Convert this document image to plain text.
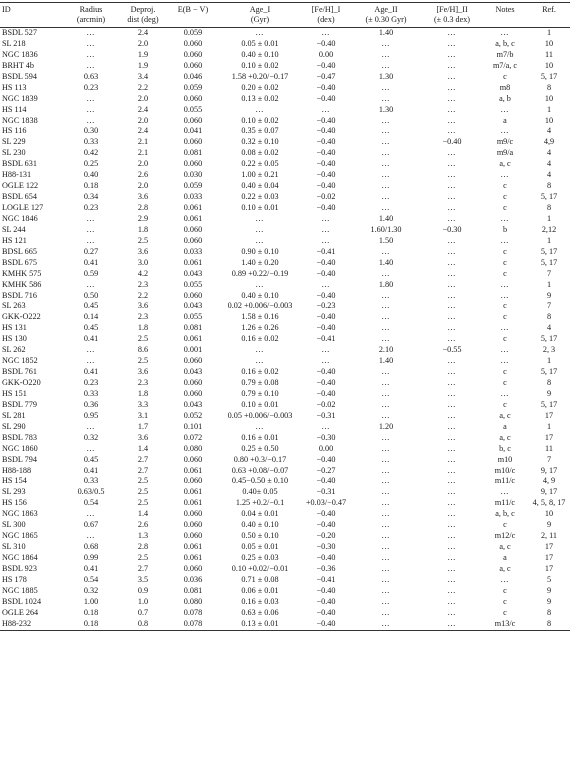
ID	Radius	Deproj.	E(B − V)	Age_I	[Fe/H]_I	Age_II	[Fe/H]_II	Notes	Ref.
	(arcmin)	dist (deg)		(Gyr)	(dex)	(± 0.30 Gyr)	(± 0.3 dex)		
BSDL 527	…	2.4	0.059	…	…	1.40	…	…	1
SL 218	…	2.0	0.060	0.05 ± 0.01	−0.40	…	…	a, b, c	10
NGC 1836	…	1.9	0.060	0.40 ± 0.10	0.00	…	…	m7/b	11
BRHT 4b	…	1.9	0.060	0.10 ± 0.02	−0.40	…	…	m7/a, c	10
BSDL 594	0.63	3.4	0.046	1.58 +0.20/−0.17	−0.47	1.30	…	c	5, 17
HS 113	0.23	2.2	0.059	0.20 ± 0.02	−0.40	…	…	m8	8
NGC 1839	…	2.0	0.060	0.13 ± 0.02	−0.40	…	…	a, b	10
HS 114	…	2.4	0.055	…	…	1.30	…	…	1
NGC 1838	…	2.0	0.060	0.10 ± 0.02	−0.40	…	…	a	10
HS 116	0.30	2.4	0.041	0.35 ± 0.07	−0.40	…	…	…	4
SL 229	0.33	2.1	0.060	0.32 ± 0.10	−0.40	…	−0.40	m9/c	4,9
SL 230	0.42	2.1	0.081	0.08 ± 0.02	−0.40	…	…	m9/a	4
BSDL 631	0.25	2.0	0.060	0.22 ± 0.05	−0.40	…	…	a, c	4
H88-131	0.40	2.6	0.030	1.00 ± 0.21	−0.40	…	…	…	4
OGLE 122	0.18	2.0	0.059	0.40 ± 0.04	−0.40	…	…	c	8
BSDL 654	0.34	3.6	0.033	0.22 ± 0.03	−0.02	…	…	c	5, 17
LOGLE 127	0.23	2.8	0.061	0.10 ± 0.01	−0.40	…	…	c	8
NGC 1846	…	2.9	0.061	…	…	1.40	…	…	1
SL 244	…	1.8	0.060	…	…	1.60/1.30	−0.30	b	2,12
HS 121	…	2.5	0.060	…	…	1.50	…	…	1
BDSL 665	0.27	3.6	0.033	0.90 ± 0.10	−0.41	…	…	c	5, 17
BSDL 675	0.41	3.0	0.061	1.40 ± 0.20	−0.40	1.40	…	c	5, 17
KMHK 575	0.59	4.2	0.043	0.89 +0.22/−0.19	−0.40	…	…	c	7
KMHK 586	…	2.3	0.055	…	…	1.80	…	…	1
BSDL 716	0.50	2.2	0.060	0.40 ± 0.10	−0.40	…	…	…	9
SL 263	0.45	3.6	0.043	0.02 +0.006/−0.003	−0.23	…	…	c	7
GKK-O222	0.14	2.3	0.055	1.58 ± 0.16	−0.40	…	…	c	8
HS 131	0.45	1.8	0.081	1.26 ± 0.26	−0.40	…	…	…	4
HS 130	0.41	2.5	0.061	0.16 ± 0.02	−0.41	…	…	c	5, 17
SL 262	…	8.6	0.001	…	…	2.10	−0.55	…	2, 3
NGC 1852	…	2.5	0.060	…	…	1.40	…	…	1
BSDL 761	0.41	3.6	0.043	0.16 ± 0.02	−0.40	…	…	c	5, 17
GKK-O220	0.23	2.3	0.060	0.79 ± 0.08	−0.40	…	…	c	8
HS 151	0.33	1.8	0.060	0.79 ± 0.10	−0.40	…	…	…	9
BSDL 779	0.36	3.3	0.043	0.10 ± 0.01	−0.02	…	…	c	5, 17
SL 281	0.95	3.1	0.052	0.05 +0.006/−0.003	−0.31	…	…	a, c	17
SL 290	…	1.7	0.101	…	…	1.20	…	a	1
BSDL 783	0.32	3.6	0.072	0.16 ± 0.01	−0.30	…	…	a, c	17
NGC 1860	…	1.4	0.080	0.25 ± 0.50	0.00	…	…	b, c	11
BSDL 794	0.45	2.7	0.060	0.80 +0.3/−0.17	−0.40	…	…	m10	7
H88-188	0.41	2.7	0.061	0.63 +0.08/−0.07	−0.27	…	…	m10/c	9, 17
HS 154	0.33	2.5	0.060	0.45−0.50 ± 0.10	−0.40	…	…	m11/c	4, 9
SL 293	0.63/0.5	2.5	0.061	0.40± 0.05	−0.31	…	…	…	9, 17
HS 156	0.54	2.5	0.061	1.25 +0.2/−0.1	+0.03/−0.47	…	…	m11/c	4, 5, 8, 17
NGC 1863	…	1.4	0.060	0.04 ± 0.01	−0.40	…	…	a, b, c	10
SL 300	0.67	2.6	0.060	0.40 ± 0.10	−0.40	…	…	c	9
NGC 1865	…	1.3	0.060	0.50 ± 0.10	−0.20	…	…	m12/c	2, 11
SL 310	0.68	2.8	0.061	0.05 ± 0.01	−0.30	…	…	a, c	17
NGC 1864	0.99	2.5	0.061	0.25 ± 0.03	−0.40	…	…	a	17
BSDL 923	0.41	2.7	0.060	0.10 +0.02/−0.01	−0.36	…	…	a, c	17
HS 178	0.54	3.5	0.036	0.71 ± 0.08	−0.41	…	…	…	5
NGC 1885	0.32	0.9	0.081	0.06 ± 0.01	−0.40	…	…	c	9
BSDL 1024	1.00	1.0	0.080	0.16 ± 0.03	−0.40	…	…	c	9
OGLE 264	0.18	0.7	0.078	0.63 ± 0.06	−0.40	…	…	c	8
H88-232	0.18	0.8	0.078	0.13 ± 0.01	−0.40	…	…	m13/c	8
